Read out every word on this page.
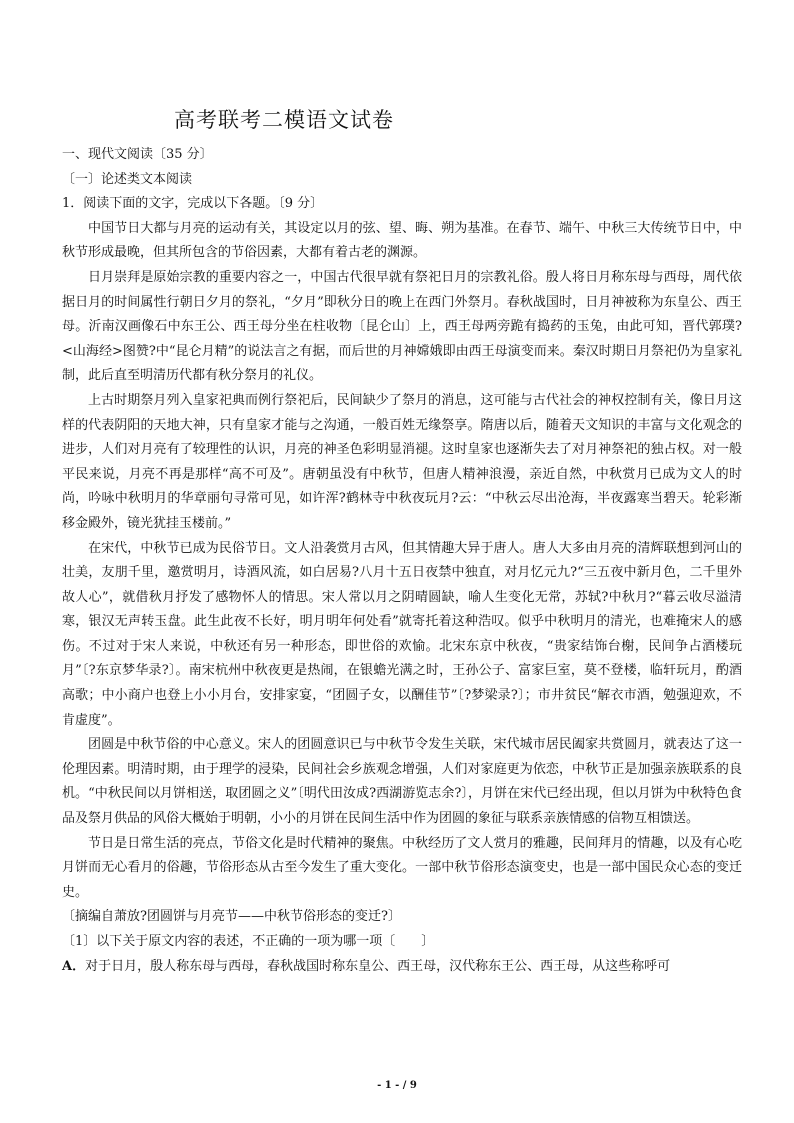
高考联考二模语文试卷

一、现代文阅读〔35 分〕

〔一〕论述类文本阅读

1．阅读下面的文字，完成以下各题。〔9 分〕

中国节日大都与月亮的运动有关，其设定以月的弦、望、晦、朔为基准。在春节、端午、中秋三大传统节日中，中秋节形成最晚，但其所包含的节俗因素，大都有着古老的渊源。

日月崇拜是原始宗教的重要内容之一，中国古代很早就有祭祀日月的宗教礼俗。殷人将日月称东母与西母，周代依据日月的时间属性行朝日夕月的祭礼，“夕月”即秋分日的晚上在西门外祭月。春秋战国时，日月神被称为东皇公、西王母。沂南汉画像石中东王公、西王母分坐在柱收物〔昆仑山〕上，西王母两旁跪有捣药的玉兔，由此可知，晋代郭璞?<山海经>图赞?中“昆仑月精”的说法言之有据，而后世的月神嫦娥即由西王母演变而来。秦汉时期日月祭祀仍为皇家礼制，此后直至明清历代都有秋分祭月的礼仪。

上古时期祭月列入皇家祀典而例行祭祀后，民间缺少了祭月的消息，这可能与古代社会的神权控制有关，像日月这样的代表阴阳的天地大神，只有皇家才能与之沟通，一般百姓无缘祭享。隋唐以后，随着天文知识的丰富与文化观念的进步，人们对月亮有了较理性的认识，月亮的神圣色彩明显消褪。这时皇家也逐渐失去了对月神祭祀的独占权。对一般平民来说，月亮不再是那样“高不可及”。唐朝虽没有中秋节，但唐人精神浪漫，亲近自然，中秋赏月已成为文人的时尚，吟咏中秋明月的华章丽句寻常可见，如许浑?鹤林寺中秋夜玩月?云：“中秋云尽出沧海，半夜露寒当碧天。轮彩渐移金殿外，镜光犹挂玉楼前。”

在宋代，中秋节已成为民俗节日。文人沿袭赏月古风，但其情趣大异于唐人。唐人大多由月亮的清辉联想到河山的壮美，友朋千里，邀赏明月，诗酒风流，如白居易?八月十五日夜禁中独直，对月忆元九?“三五夜中新月色，二千里外故人心”，就借秋月抒发了感物怀人的情思。宋人常以月之阴晴圆缺，喻人生变化无常，苏轼?中秋月?“暮云收尽溢清寒，银汉无声转玉盘。此生此夜不长好，明月明年何处看”就寄托着这种浩叹。似乎中秋明月的清光，也难掩宋人的感伤。不过对于宋人来说，中秋还有另一种形态，即世俗的欢愉。北宋东京中秋夜，“贵家结饰台榭，民间争占酒楼玩月”〔?东京梦华录?〕。南宋杭州中秋夜更是热闹，在银蟾光满之时，王孙公子、富家巨室，莫不登楼，临轩玩月，酌酒高歌；中小商户也登上小小月台，安排家宴，“团圆子女，以酬佳节”〔?梦梁录?〕；市井贫民“解衣市酒，勉强迎欢，不肯虚度”。

团圆是中秋节俗的中心意义。宋人的团圆意识已与中秋节令发生关联，宋代城市居民阖家共赏圆月，就表达了这一伦理因素。明清时期，由于理学的浸染，民间社会乡族观念增强，人们对家庭更为依恋，中秋节正是加强亲族联系的良机。“中秋民间以月饼相送，取团圆之义”〔明代田汝成?西湖游览志余?〕，月饼在宋代已经出现，但以月饼为中秋特色食品及祭月供品的风俗大概始于明朝，小小的月饼在民间生活中作为团圆的象征与联系亲族情感的信物互相馈送。

节日是日常生活的亮点，节俗文化是时代精神的聚焦。中秋经历了文人赏月的雅趣，民间拜月的情趣，以及有心吃月饼而无心看月的俗趣，节俗形态从古至今发生了重大变化。一部中秋节俗形态演变史，也是一部中国民众心态的变迁史。

〔摘编自萧放?团圆饼与月亮节——中秋节俗形态的变迁?〕

〔1〕以下关于原文内容的表述，不正确的一项为哪一项〔　　〕

A．对于日月，殷人称东母与西母，春秋战国时称东皇公、西王母，汉代称东王公、西王母，从这些称呼可

- 1 - / 9
